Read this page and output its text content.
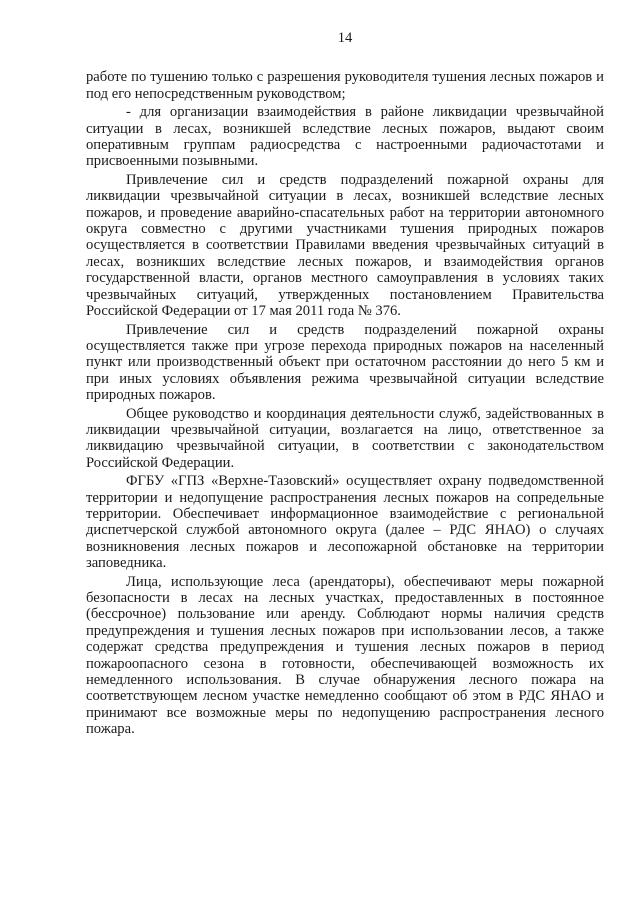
14

работе по тушению только с разрешения руководителя тушения лесных пожаров и под его непосредственным руководством;

- для организации взаимодействия в районе ликвидации чрезвычайной ситуации в лесах, возникшей вследствие лесных пожаров, выдают своим оперативным группам радиосредства с настроенными радиочастотами и присвоенными позывными.

Привлечение сил и средств подразделений пожарной охраны для ликвидации чрезвычайной ситуации в лесах, возникшей вследствие лесных пожаров, и проведение аварийно-спасательных работ на территории автономного округа совместно с другими участниками тушения природных пожаров осуществляется в соответствии Правилами введения чрезвычайных ситуаций в лесах, возникших вследствие лесных пожаров, и взаимодействия органов государственной власти, органов местного самоуправления в условиях таких чрезвычайных ситуаций, утвержденных постановлением Правительства Российской Федерации от 17 мая 2011 года № 376.

Привлечение сил и средств подразделений пожарной охраны осуществляется также при угрозе перехода природных пожаров на населенный пункт или производственный объект при остаточном расстоянии до него 5 км и при иных условиях объявления режима чрезвычайной ситуации вследствие природных пожаров.

Общее руководство и координация деятельности служб, задействованных в ликвидации чрезвычайной ситуации, возлагается на лицо, ответственное за ликвидацию чрезвычайной ситуации, в соответствии с законодательством Российской Федерации.

ФГБУ «ГПЗ «Верхне-Тазовский» осуществляет охрану подведомственной территории и недопущение распространения лесных пожаров на сопредельные территории. Обеспечивает информационное взаимодействие с региональной диспетчерской службой автономного округа (далее – РДС ЯНАО) о случаях возникновения лесных пожаров и лесопожарной обстановке на территории заповедника.

Лица, использующие леса (арендаторы), обеспечивают меры пожарной безопасности в лесах на лесных участках, предоставленных в постоянное (бессрочное) пользование или аренду. Соблюдают нормы наличия средств предупреждения и тушения лесных пожаров при использовании лесов, а также содержат средства предупреждения и тушения лесных пожаров в период пожароопасного сезона в готовности, обеспечивающей возможность их немедленного использования. В случае обнаружения лесного пожара на соответствующем лесном участке немедленно сообщают об этом в РДС ЯНАО и принимают все возможные меры по недопущению распространения лесного пожара.
